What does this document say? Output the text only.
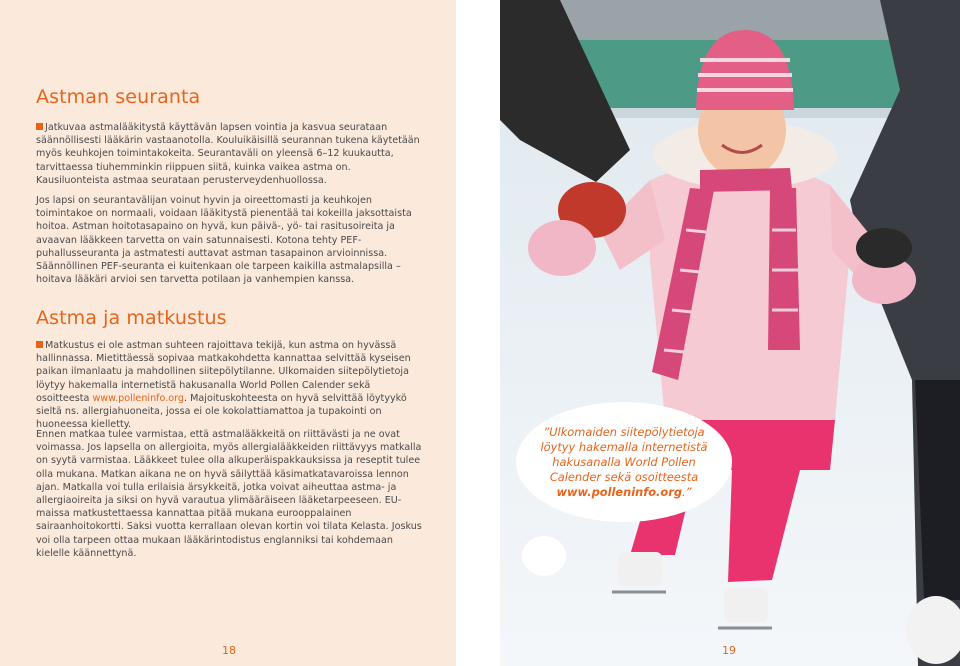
Astman seuranta

Jatkuvaa astmalääkitystä käyttävän lapsen vointia ja kasvua seurataan säännöllisesti lääkärin vastaanotolla. Kouluikäisillä seurannan tukena käytetään myös keuhkojen toimintakokeita. Seurantaväli on yleensä 6–12 kuukautta, tarvittaessa tiuhemminkin riippuen siitä, kuinka vaikea astma on. Kausiluonteista astmaa seurataan perusterveydenhuollossa.

Jos lapsi on seurantavälijan voinut hyvin ja oireettomasti ja keuhkojen toimintakoe on normaali, voidaan lääkitystä pienentää tai kokeilla jaksottaista hoitoa. Astman hoitotasapaino on hyvä, kun päivä-, yö- tai rasitusoireita ja avaavan lääkkeen tarvetta on vain satunnaisesti. Kotona tehty PEF-puhallusseuranta ja astmatesti auttavat astman tasapainon arvioinnissa. Säännöllinen PEF-seuranta ei kuitenkaan ole tarpeen kaikilla astmalapsilla – hoitava lääkäri arvioi sen tarvetta potilaan ja vanhempien kanssa.

Astma ja matkustus

Matkustus ei ole astman suhteen rajoittava tekijä, kun astma on hyvässä hallinnassa. Mietittäessä sopivaa matkakohdetta kannattaa selvittää kyseisen paikan ilmanlaatu ja mahdollinen siitepölytilanne. Ulkomaiden siitepölytietoja löytyy hakemalla internetistä hakusanalla World Pollen Calender sekä osoitteesta www.polleninfo.org. Majoituskohteesta on hyvä selvittää löytyykö sieltä ns. allergiahuoneita, jossa ei ole kokolattiamattoa ja tupakointi on huoneessa kielletty.

Ennen matkaa tulee varmistaa, että astmalääkkeitä on riittävästi ja ne ovat voimassa. Jos lapsella on allergioita, myös allergialääkkeiden riittävyys matkalla on syytä varmistaa. Lääkkeet tulee olla alkuperäispakkauksissa ja reseptit tulee olla mukana. Matkan aikana ne on hyvä säilyttää käsimatkatavaroissa lennon ajan. Matkalla voi tulla erilaisia ärsykkeitä, jotka voivat aiheuttaa astma- ja allergiaoireita ja siksi on hyvä varautua ylimääräiseen lääketarpeeseen. EU-maissa matkustettaessa kannattaa pitää mukana eurooppalainen sairaanhoitokortti. Saksi vuotta kerrallaan olevan kortin voi tilata Kelasta. Joskus voi olla tarpeen ottaa mukaan lääkärintodistus englanniksi tai kohdemaan kielelle käännettynä.

18
”Ulkomaiden siitepölytietoja löytyy hakemalla internetistä hakusanalla World Pollen Calender sekä osoitteesta www.polleninfo.org.”
19
